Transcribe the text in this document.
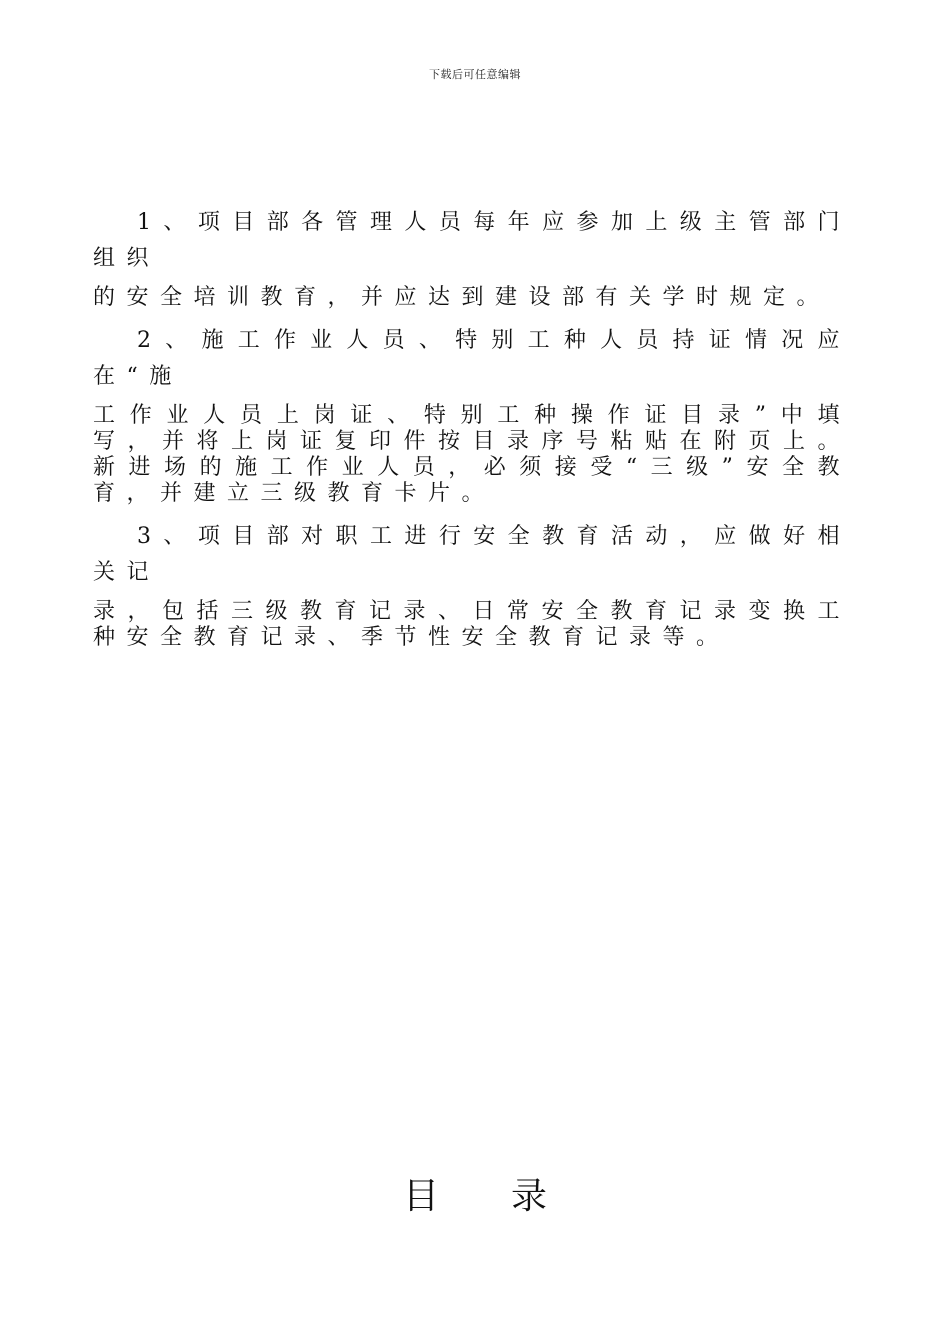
下载后可任意编辑

1、项目部各管理人员每年应参加上级主管部门组织
的安全培训教育，并应达到建设部有关学时规定。

2、施工作业人员、特别工种人员持证情况应在“施
工作业人员上岗证、特别工种操作证目录”中填写，并将上岗证复印件按目录序号粘贴在附页上。新进场的施工作业人员，必须接受“三级”安全教育，并建立三级教育卡片。

3、项目部对职工进行安全教育活动，应做好相关记
录，包括三级教育记录、日常安全教育记录变换工种安全教育记录、季节性安全教育记录等。

目录
